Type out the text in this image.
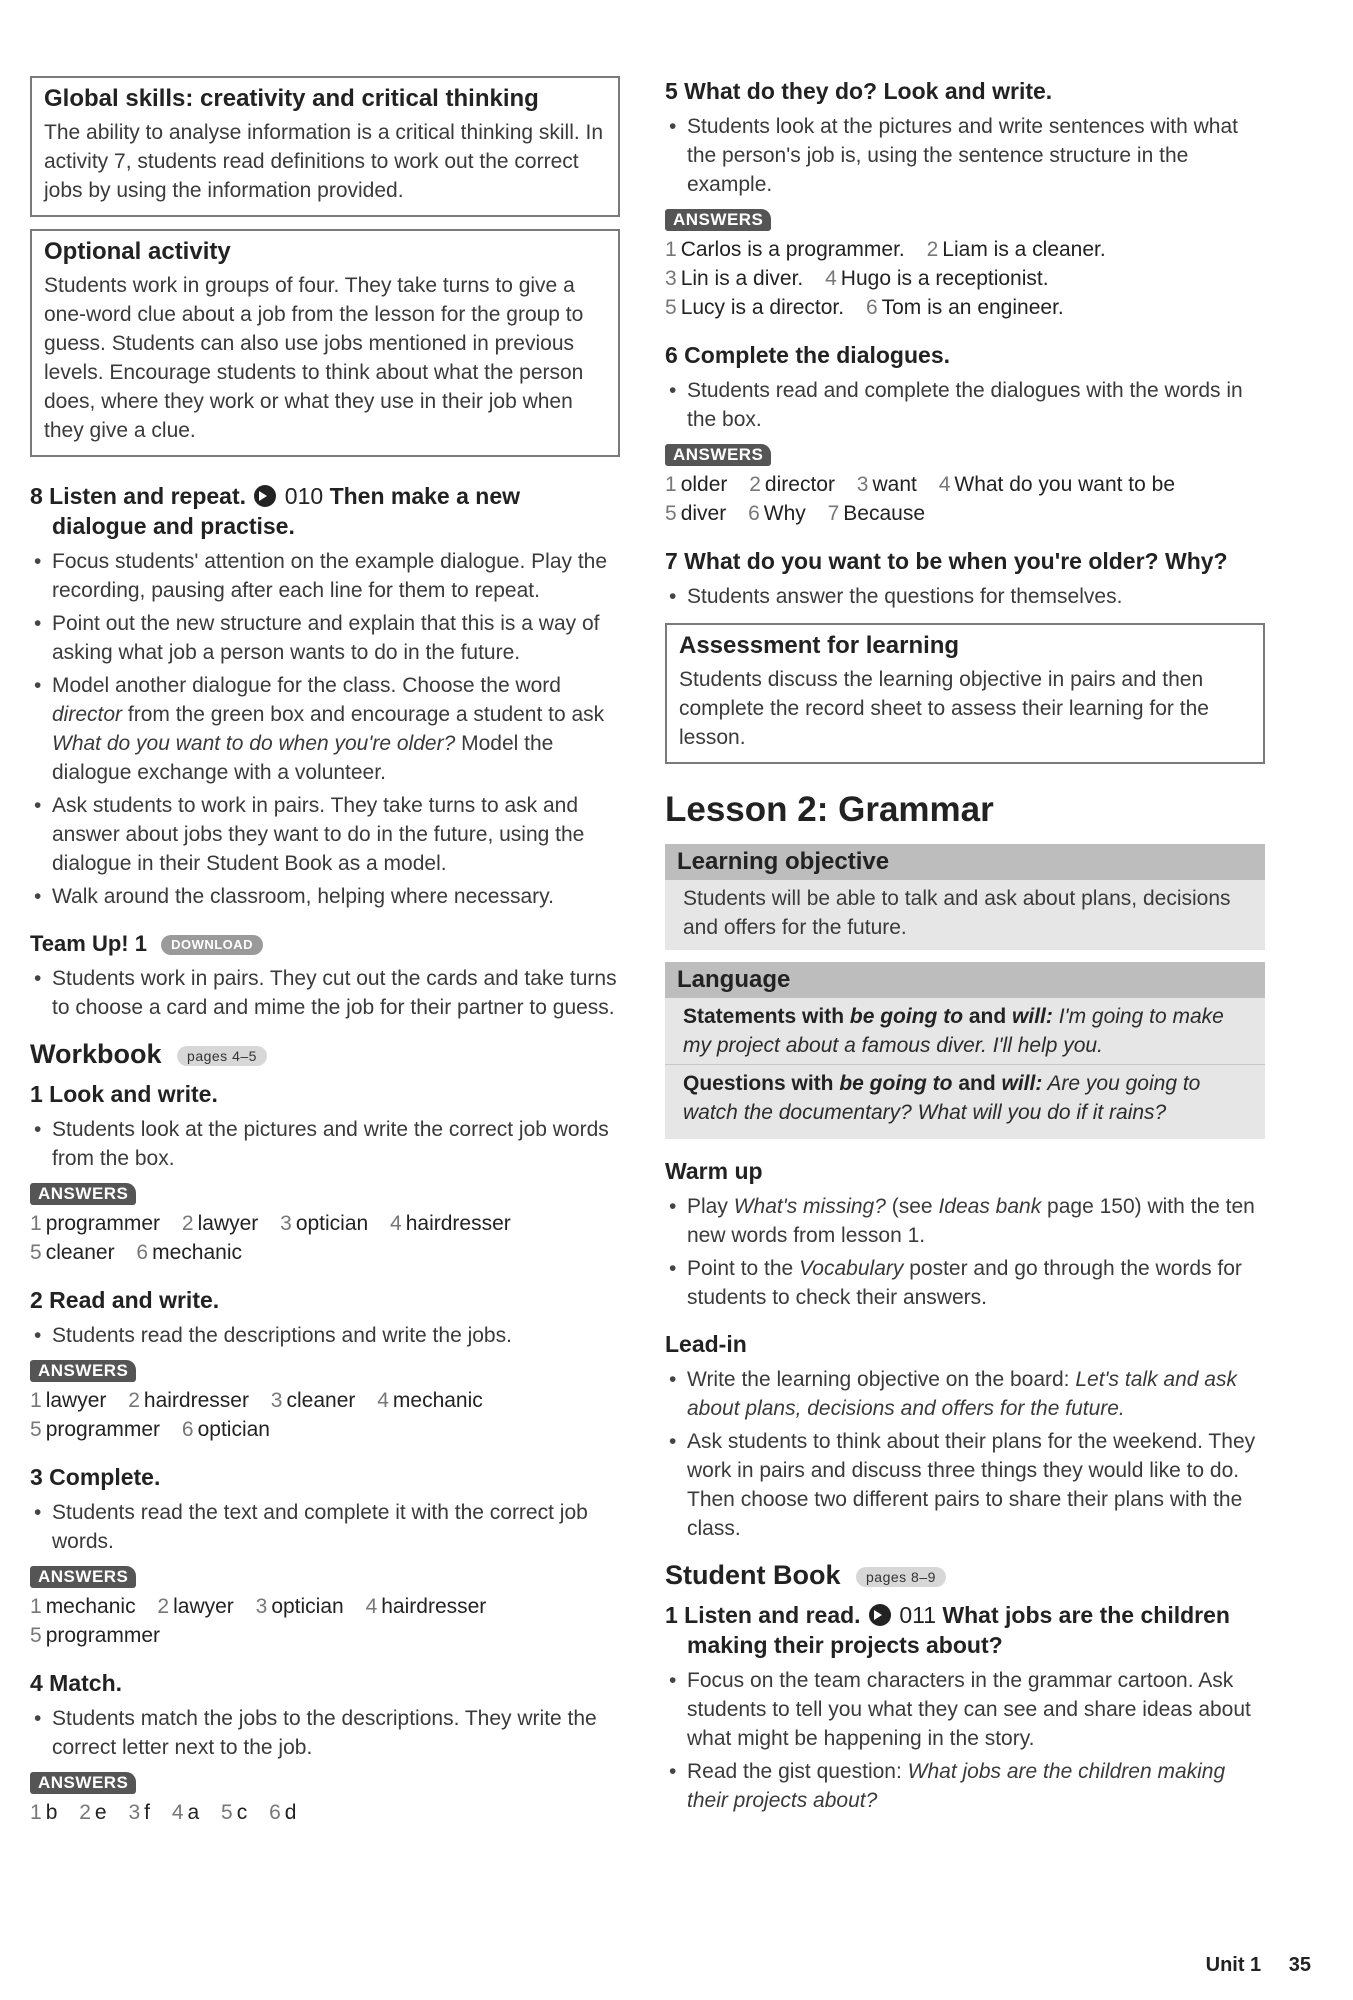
Global skills: creativity and critical thinking
The ability to analyse information is a critical thinking skill. In activity 7, students read definitions to work out the correct jobs by using the information provided.
Optional activity
Students work in groups of four. They take turns to give a one-word clue about a job from the lesson for the group to guess. Students can also use jobs mentioned in previous levels. Encourage students to think about what the person does, where they work or what they use in their job when they give a clue.
8 Listen and repeat. 010 Then make a new dialogue and practise.
• Focus students' attention on the example dialogue. Play the recording, pausing after each line for them to repeat.
• Point out the new structure and explain that this is a way of asking what job a person wants to do in the future.
• Model another dialogue for the class. Choose the word director from the green box and encourage a student to ask What do you want to do when you're older? Model the dialogue exchange with a volunteer.
• Ask students to work in pairs. They take turns to ask and answer about jobs they want to do in the future, using the dialogue in their Student Book as a model.
• Walk around the classroom, helping where necessary.
Team Up! 1 DOWNLOAD
• Students work in pairs. They cut out the cards and take turns to choose a card and mime the job for their partner to guess.
Workbook pages 4–5
1 Look and write.
• Students look at the pictures and write the correct job words from the box.
ANSWERS
1 programmer 2 lawyer 3 optician 4 hairdresser
5 cleaner 6 mechanic
2 Read and write.
• Students read the descriptions and write the jobs.
ANSWERS
1 lawyer 2 hairdresser 3 cleaner 4 mechanic
5 programmer 6 optician
3 Complete.
• Students read the text and complete it with the correct job words.
ANSWERS
1 mechanic 2 lawyer 3 optician 4 hairdresser
5 programmer
4 Match.
• Students match the jobs to the descriptions. They write the correct letter next to the job.
ANSWERS
1 b 2 e 3 f 4 a 5 c 6 d
5 What do they do? Look and write.
• Students look at the pictures and write sentences with what the person's job is, using the sentence structure in the example.
ANSWERS
1 Carlos is a programmer. 2 Liam is a cleaner.
3 Lin is a diver. 4 Hugo is a receptionist.
5 Lucy is a director. 6 Tom is an engineer.
6 Complete the dialogues.
• Students read and complete the dialogues with the words in the box.
ANSWERS
1 older 2 director 3 want 4 What do you want to be
5 diver 6 Why 7 Because
7 What do you want to be when you're older? Why?
• Students answer the questions for themselves.
Assessment for learning
Students discuss the learning objective in pairs and then complete the record sheet to assess their learning for the lesson.
Lesson 2: Grammar
Learning objective
Students will be able to talk and ask about plans, decisions and offers for the future.
Language
Statements with be going to and will: I'm going to make my project about a famous diver. I'll help you.
Questions with be going to and will: Are you going to watch the documentary? What will you do if it rains?
Warm up
• Play What's missing? (see Ideas bank page 150) with the ten new words from lesson 1.
• Point to the Vocabulary poster and go through the words for students to check their answers.
Lead-in
• Write the learning objective on the board: Let's talk and ask about plans, decisions and offers for the future.
• Ask students to think about their plans for the weekend. They work in pairs and discuss three things they would like to do. Then choose two different pairs to share their plans with the class.
Student Book pages 8–9
1 Listen and read. 011 What jobs are the children making their projects about?
• Focus on the team characters in the grammar cartoon. Ask students to tell you what they can see and share ideas about what might be happening in the story.
• Read the gist question: What jobs are the children making their projects about?
Unit 1 35
